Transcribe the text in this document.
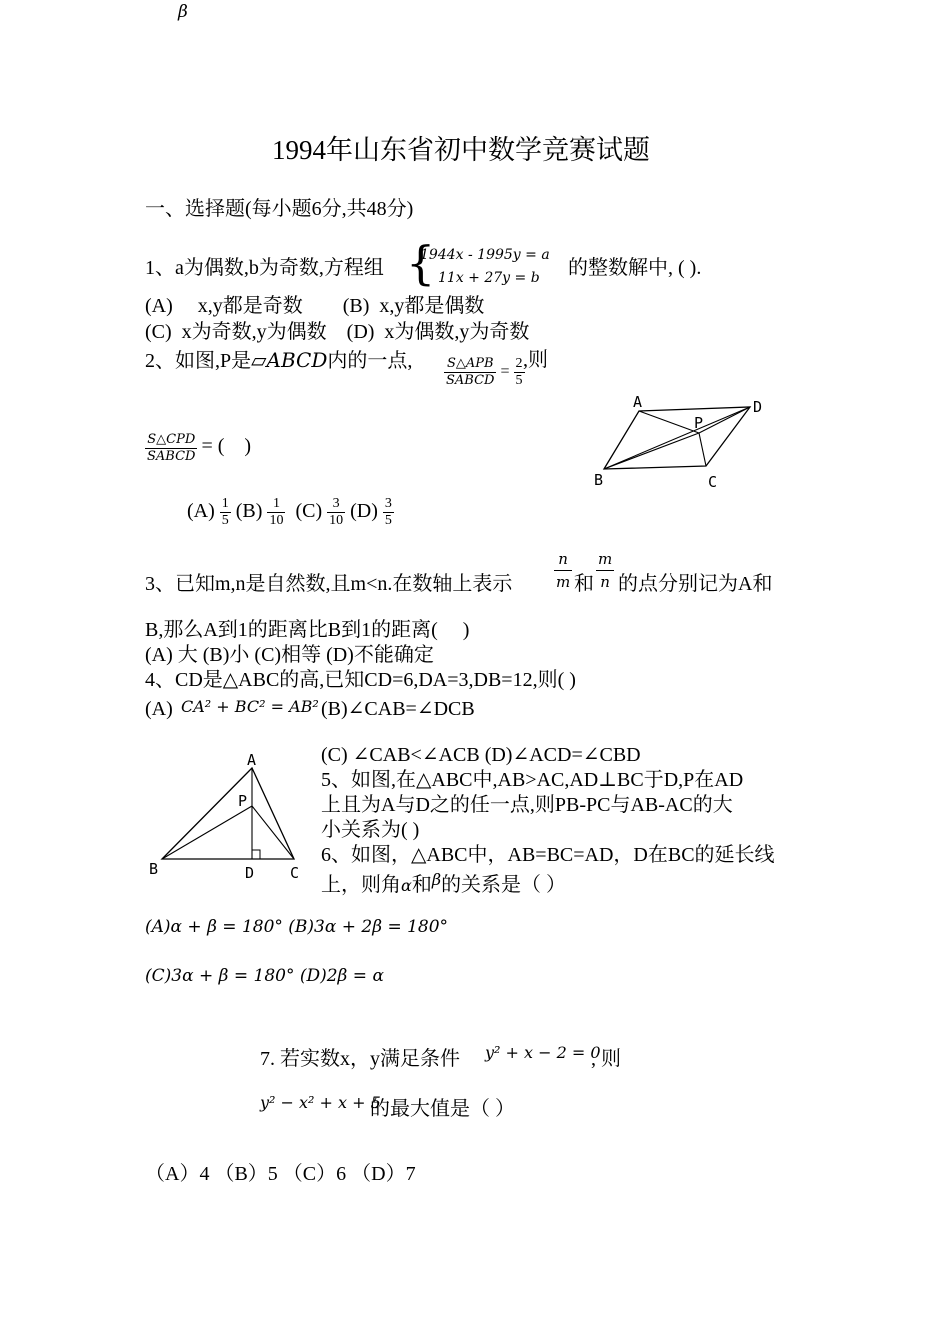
β
1994年山东省初中数学竞赛试题
一、选择题(每小题6分,共48分)
1、a为偶数,b为奇数,方程组 {
1944x - 1995y = a
11x + 27y = b 的整数解中, ( ).
(A)     x,y都是奇数        (B)  x,y都是偶数
(C)  x为奇数,y为偶数    (D)  x为偶数,y为奇数
2、如图,P是▱ABCD内的一点, $\frac{\text{S△APB}}{\text{SABCD}} = \frac{2}{5}$
,则
$\frac{\text{S△CPD}}{\text{SABCD}}$ = (    )
$(A) \frac{1}{5} (B) \frac{1}{10} (C) \frac{3}{10} (D) \frac{3}{5}$
A	D
P
B	C
3、已知m,n是自然数,且m<n.在数轴上表示	$\frac{n}{m}$ 和 $\frac{m}{n}$ 的点分别记为A和
B,那么A到1的距离比B到1的距离(     )
(A) 大 (B)小 (C)相等 (D)不能确定
4、CD是△ABC的高,已知CD=6,DA=3,DB=12,则( )
(A) CA² + BC² = AB² (B)∠CAB=∠DCB
(C) ∠CAB<∠ACB (D)∠ACD=∠CBD
A
P
B	D C
5、如图,在△ABC中,AB>AC,AD⊥BC于D,P在AD
上且为A与D之的任一点,则PB-PC与AB-AC的大
小关系为( )
6、如图，△ABC中，AB=BC=AD，D在BC的延长线
上，则角α和$^\beta$的关系是（ ）
(A)α + β = 180° (B)3α + 2β = 180°
(C)3α + β = 180° (D)2β = α
7. 若实数x，y满足条件 y² + x − 2 = 0
, 则
y² − x² + x + 5
的最大值是（ ）
（A）4 （B）5 （C）6 （D）7
